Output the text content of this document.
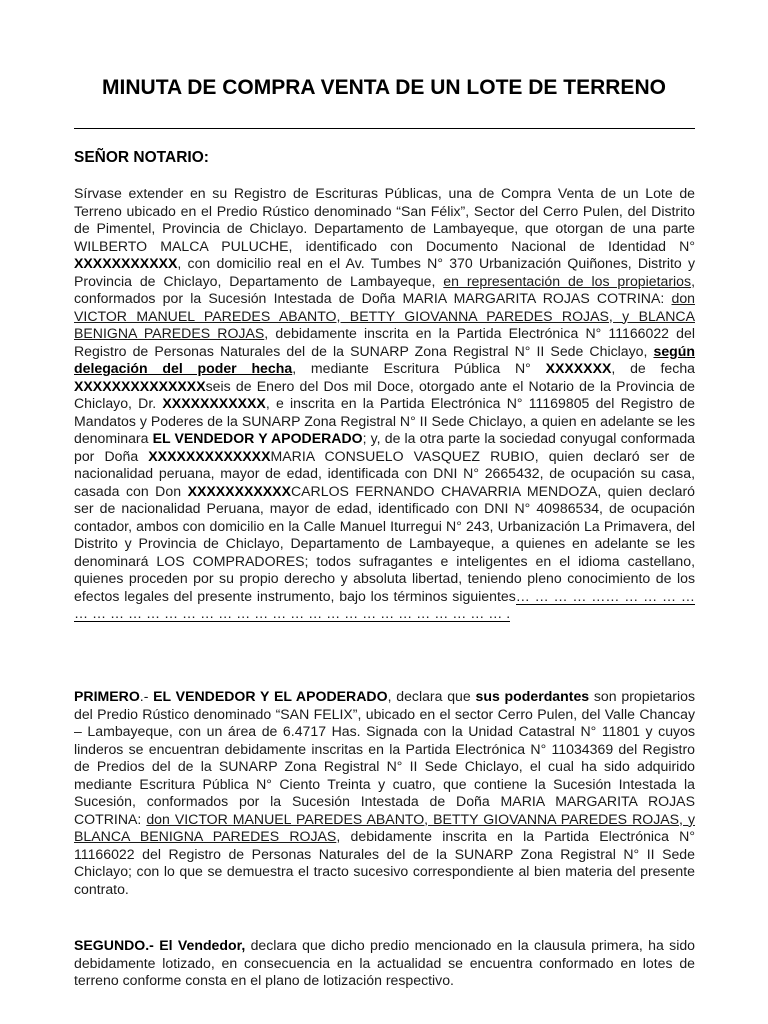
MINUTA DE COMPRA VENTA DE UN LOTE DE TERRENO
SEÑOR NOTARIO:
Sírvase extender en su Registro de Escrituras Públicas, una de Compra Venta de un Lote de Terreno ubicado en el Predio Rústico denominado “San Félix”, Sector del Cerro Pulen, del Distrito de Pimentel, Provincia de Chiclayo. Departamento de Lambayeque, que otorgan de una parte WILBERTO MALCA PULUCHE, identificado con Documento Nacional de Identidad N° XXXXXXXXXXX, con domicilio real en el Av. Tumbes N° 370 Urbanización Quiñones, Distrito y Provincia de Chiclayo, Departamento de Lambayeque, en representación de los propietarios, conformados por la Sucesión Intestada de Doña MARIA MARGARITA ROJAS COTRINA: don VICTOR MANUEL PAREDES ABANTO, BETTY GIOVANNA PAREDES ROJAS, y BLANCA BENIGNA PAREDES ROJAS, debidamente inscrita en la Partida Electrónica N° 11166022 del Registro de Personas Naturales del de la SUNARP Zona Registral N° II Sede Chiclayo, según delegación del poder hecha, mediante Escritura Pública N° XXXXXXX, de fecha XXXXXXXXXXXXXXseis de Enero del Dos mil Doce, otorgado ante el Notario de la Provincia de Chiclayo, Dr. XXXXXXXXXXX, e inscrita en la Partida Electrónica N° 11169805 del Registro de Mandatos y Poderes de la SUNARP Zona Registral N° II Sede Chiclayo, a quien en adelante se les denominara EL VENDEDOR Y APODERADO; y, de la otra parte la sociedad conyugal conformada por Doña XXXXXXXXXXXXXMARIA CONSUELO VASQUEZ RUBIO, quien declaró ser de nacionalidad peruana, mayor de edad, identificada con DNI N° 2665432, de ocupación su casa, casada con Don XXXXXXXXXXXCARLOS FERNANDO CHAVARRIA MENDOZA, quien declaró ser de nacionalidad Peruana, mayor de edad, identificado con DNI N° 40986534, de ocupación contador, ambos con domicilio en la Calle Manuel Iturregui N° 243, Urbanización La Primavera, del Distrito y Provincia de Chiclayo, Departamento de Lambayeque, a quienes en adelante se les denominará LOS COMPRADORES; todos sufragantes e inteligentes en el idioma castellano, quienes proceden por su propio derecho y absoluta libertad, teniendo pleno conocimiento de los efectos legales del presente instrumento, bajo los términos siguientes… … … … …… … … … … … … … … … … … … … … … … … … … … … … … … … … … … .
PRIMERO.- EL VENDEDOR Y EL APODERADO, declara que sus poderdantes son propietarios del Predio Rústico denominado “SAN FELIX”, ubicado en el sector Cerro Pulen, del Valle Chancay – Lambayeque, con un área de 6.4717 Has. Signada con la Unidad Catastral N° 11801 y cuyos linderos se encuentran debidamente inscritas en la Partida Electrónica N° 11034369 del Registro de Predios del de la SUNARP Zona Registral N° II Sede Chiclayo, el cual ha sido adquirido mediante Escritura Pública N° Ciento Treinta y cuatro, que contiene la Sucesión Intestada la Sucesión, conformados por la Sucesión Intestada de Doña MARIA MARGARITA ROJAS COTRINA: don VICTOR MANUEL PAREDES ABANTO, BETTY GIOVANNA PAREDES ROJAS, y BLANCA BENIGNA PAREDES ROJAS, debidamente inscrita en la Partida Electrónica N° 11166022 del Registro de Personas Naturales del de la SUNARP Zona Registral N° II Sede Chiclayo; con lo que se demuestra el tracto sucesivo correspondiente al bien materia del presente contrato.
SEGUNDO.- El Vendedor, declara que dicho predio mencionado en la clausula primera, ha sido debidamente lotizado, en consecuencia en la actualidad se encuentra conformado en lotes de terreno conforme consta en el plano de lotización respectivo.
